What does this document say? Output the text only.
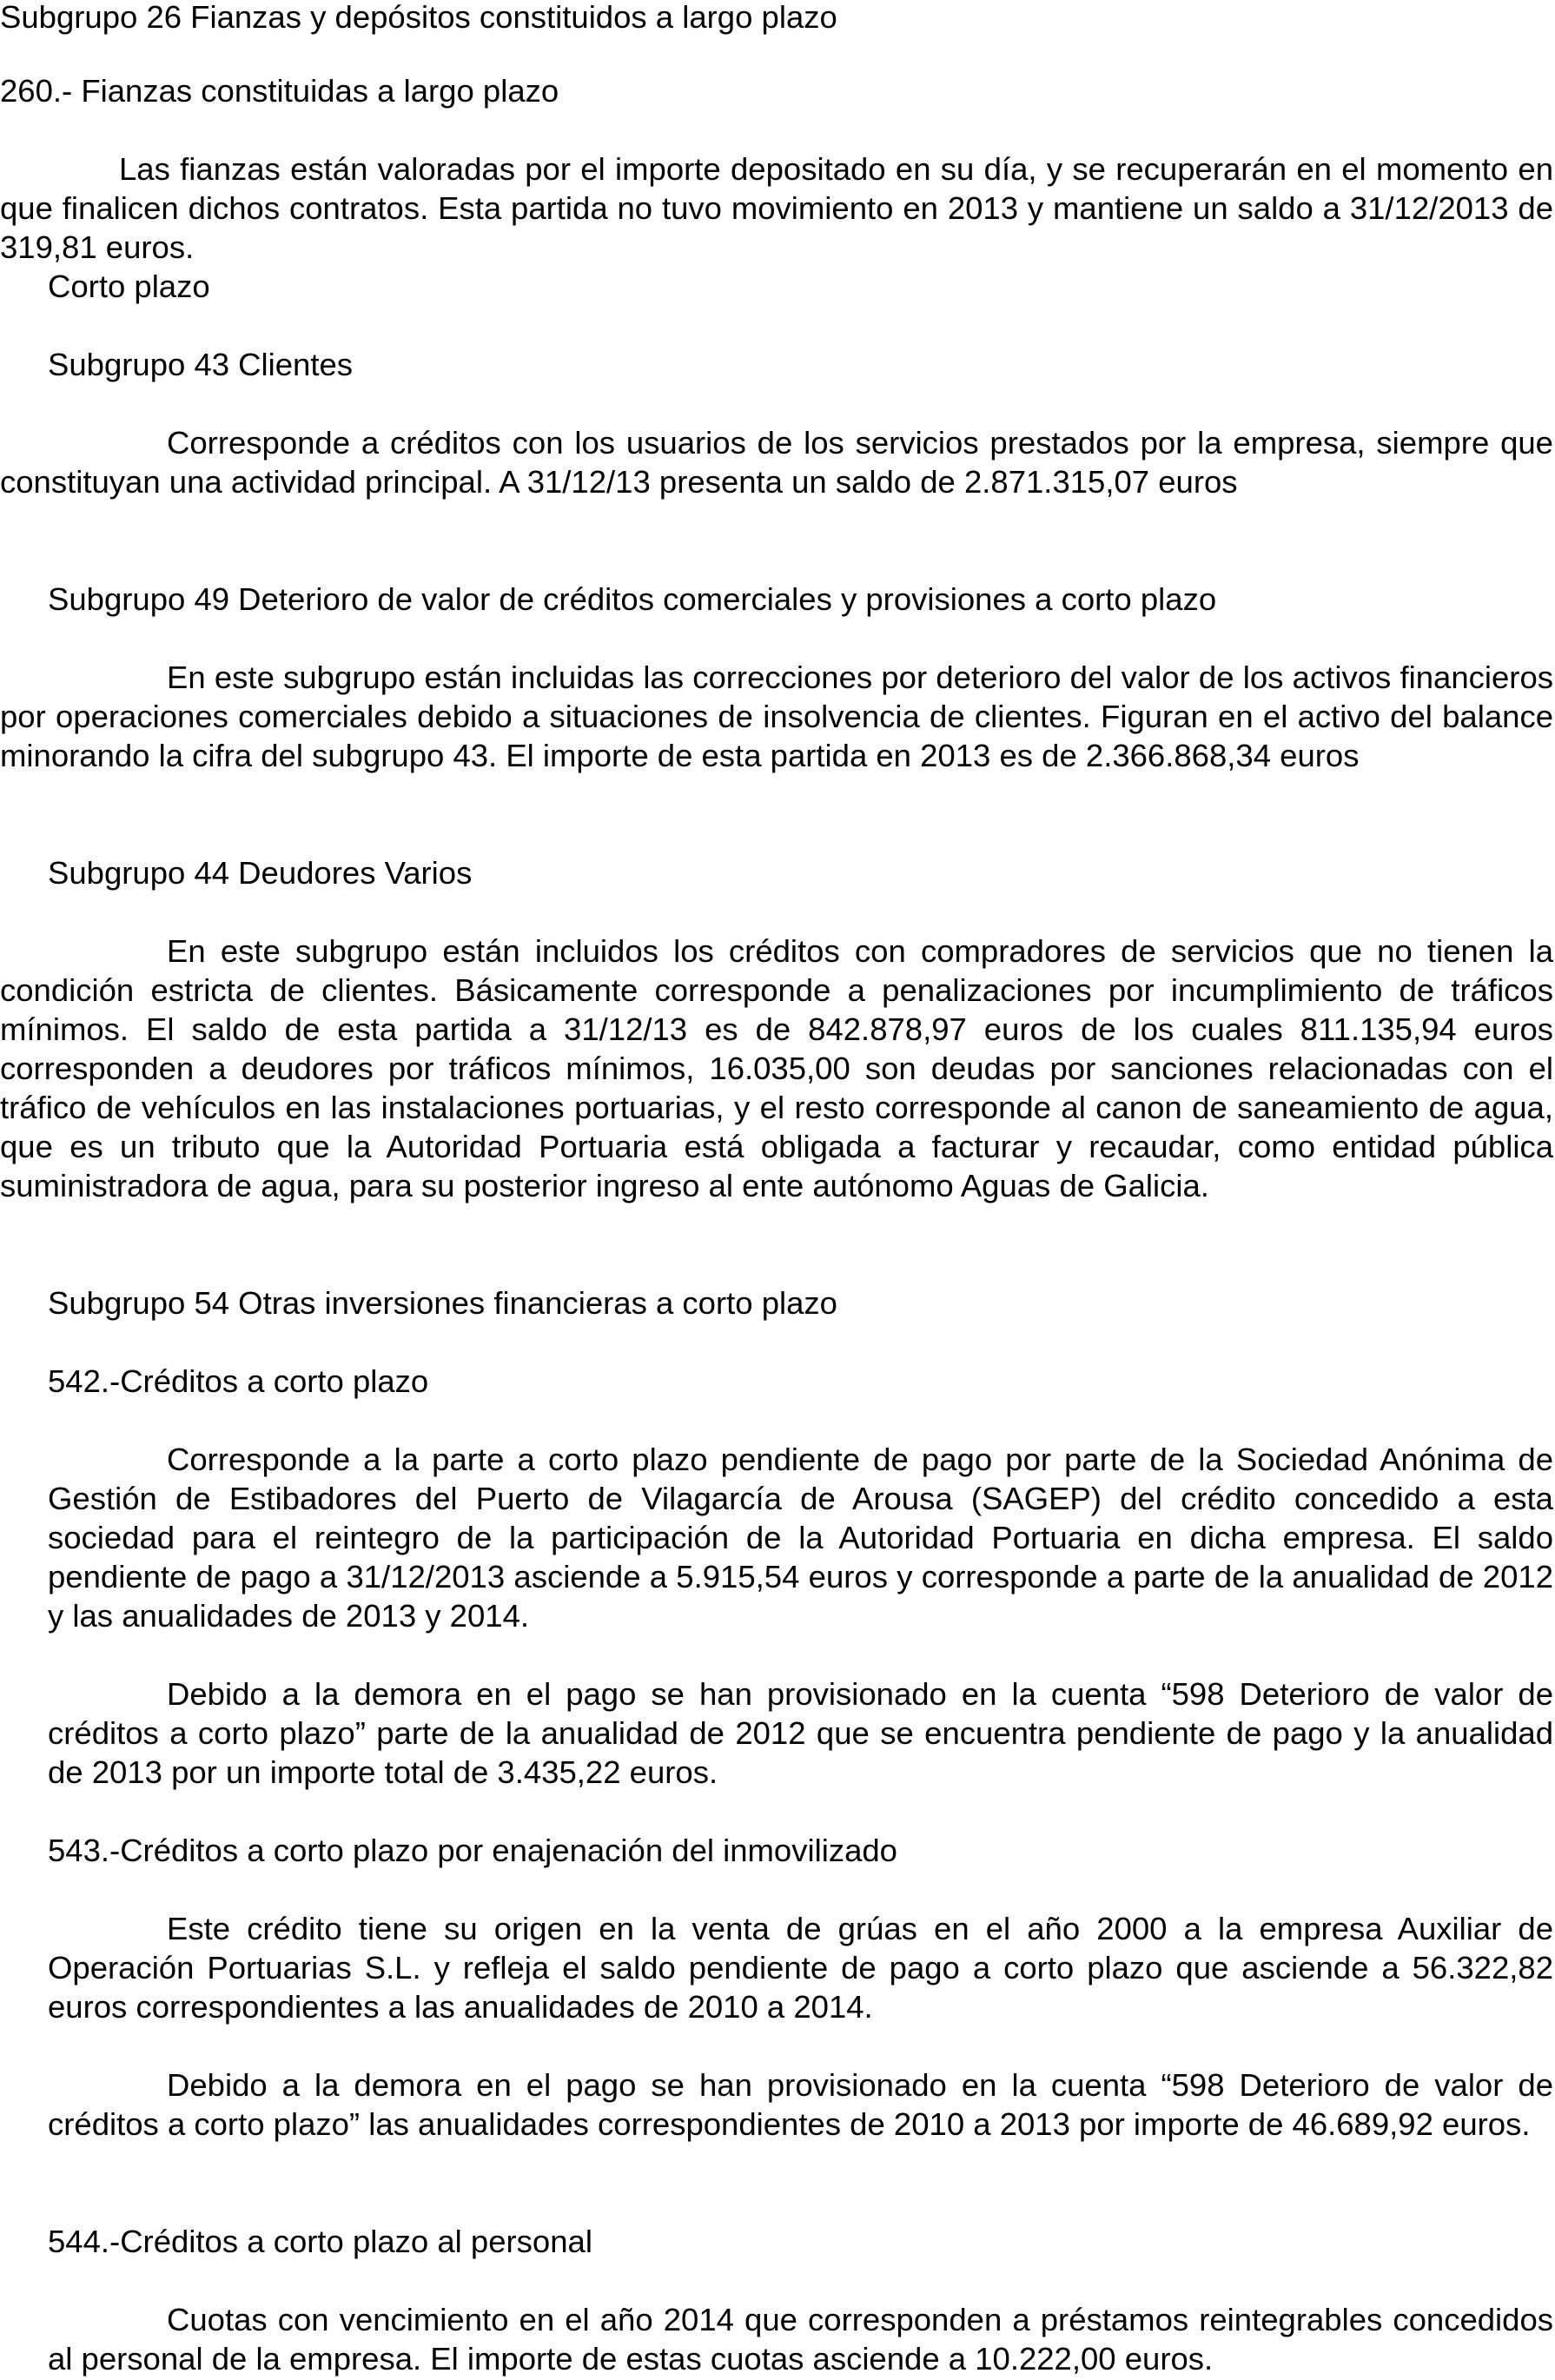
Subgrupo 26 Fianzas y depósitos constituidos a largo plazo
260.- Fianzas constituidas a largo plazo
Las fianzas están valoradas por el importe depositado en su día, y se recuperarán en el momento en que finalicen dichos contratos. Esta partida no tuvo movimiento en 2013 y mantiene un saldo a 31/12/2013 de 319,81 euros.
Corto plazo
Subgrupo 43 Clientes
Corresponde a créditos con los usuarios de los servicios prestados por la empresa, siempre que constituyan una actividad principal. A 31/12/13 presenta un saldo de 2.871.315,07 euros
Subgrupo 49 Deterioro de valor de créditos comerciales y provisiones a corto plazo
En este subgrupo están incluidas las correcciones por deterioro del valor de los activos financieros por operaciones comerciales debido a situaciones de insolvencia de clientes. Figuran en el activo del balance minorando la cifra del subgrupo 43. El importe de esta partida en 2013 es de 2.366.868,34 euros
Subgrupo 44 Deudores Varios
En este subgrupo están incluidos los créditos con compradores de servicios que no tienen la condición estricta de clientes. Básicamente corresponde a penalizaciones por incumplimiento de tráficos mínimos. El saldo de esta partida a 31/12/13 es de 842.878,97 euros de los cuales 811.135,94 euros corresponden a deudores por tráficos mínimos, 16.035,00 son deudas por sanciones relacionadas con el tráfico de vehículos en las instalaciones portuarias, y el resto corresponde al canon de saneamiento de agua, que es un tributo que la Autoridad Portuaria está obligada a facturar y recaudar, como entidad pública suministradora de agua, para su posterior ingreso al ente autónomo Aguas de Galicia.
Subgrupo 54 Otras inversiones financieras a corto plazo
542.-Créditos a corto plazo
Corresponde a la parte a corto plazo pendiente de pago por parte de la Sociedad Anónima de Gestión de Estibadores del Puerto de Vilagarcía de Arousa (SAGEP) del crédito concedido a esta sociedad para el reintegro de la participación de la Autoridad Portuaria en dicha empresa. El saldo pendiente de pago a 31/12/2013 asciende a 5.915,54 euros y corresponde a parte de la anualidad de 2012 y las anualidades de 2013 y 2014.
Debido a la demora en el pago se han provisionado en la cuenta “598 Deterioro de valor de créditos a corto plazo” parte de la anualidad de 2012 que se encuentra pendiente de pago y la anualidad de 2013 por un importe total de 3.435,22 euros.
543.-Créditos a corto plazo por enajenación del inmovilizado
Este crédito tiene su origen en la venta de grúas en el año 2000 a la empresa Auxiliar de Operación Portuarias S.L. y refleja el saldo pendiente de pago a corto plazo que asciende a 56.322,82 euros correspondientes a las anualidades de 2010 a 2014.
Debido a la demora en el pago se han provisionado en la cuenta “598 Deterioro de valor de créditos a corto plazo” las anualidades correspondientes de 2010 a 2013 por importe de 46.689,92 euros.
544.-Créditos a corto plazo al personal
Cuotas con vencimiento en el año 2014 que corresponden a préstamos reintegrables concedidos al personal de la empresa. El importe de estas cuotas asciende a 10.222,00 euros.
